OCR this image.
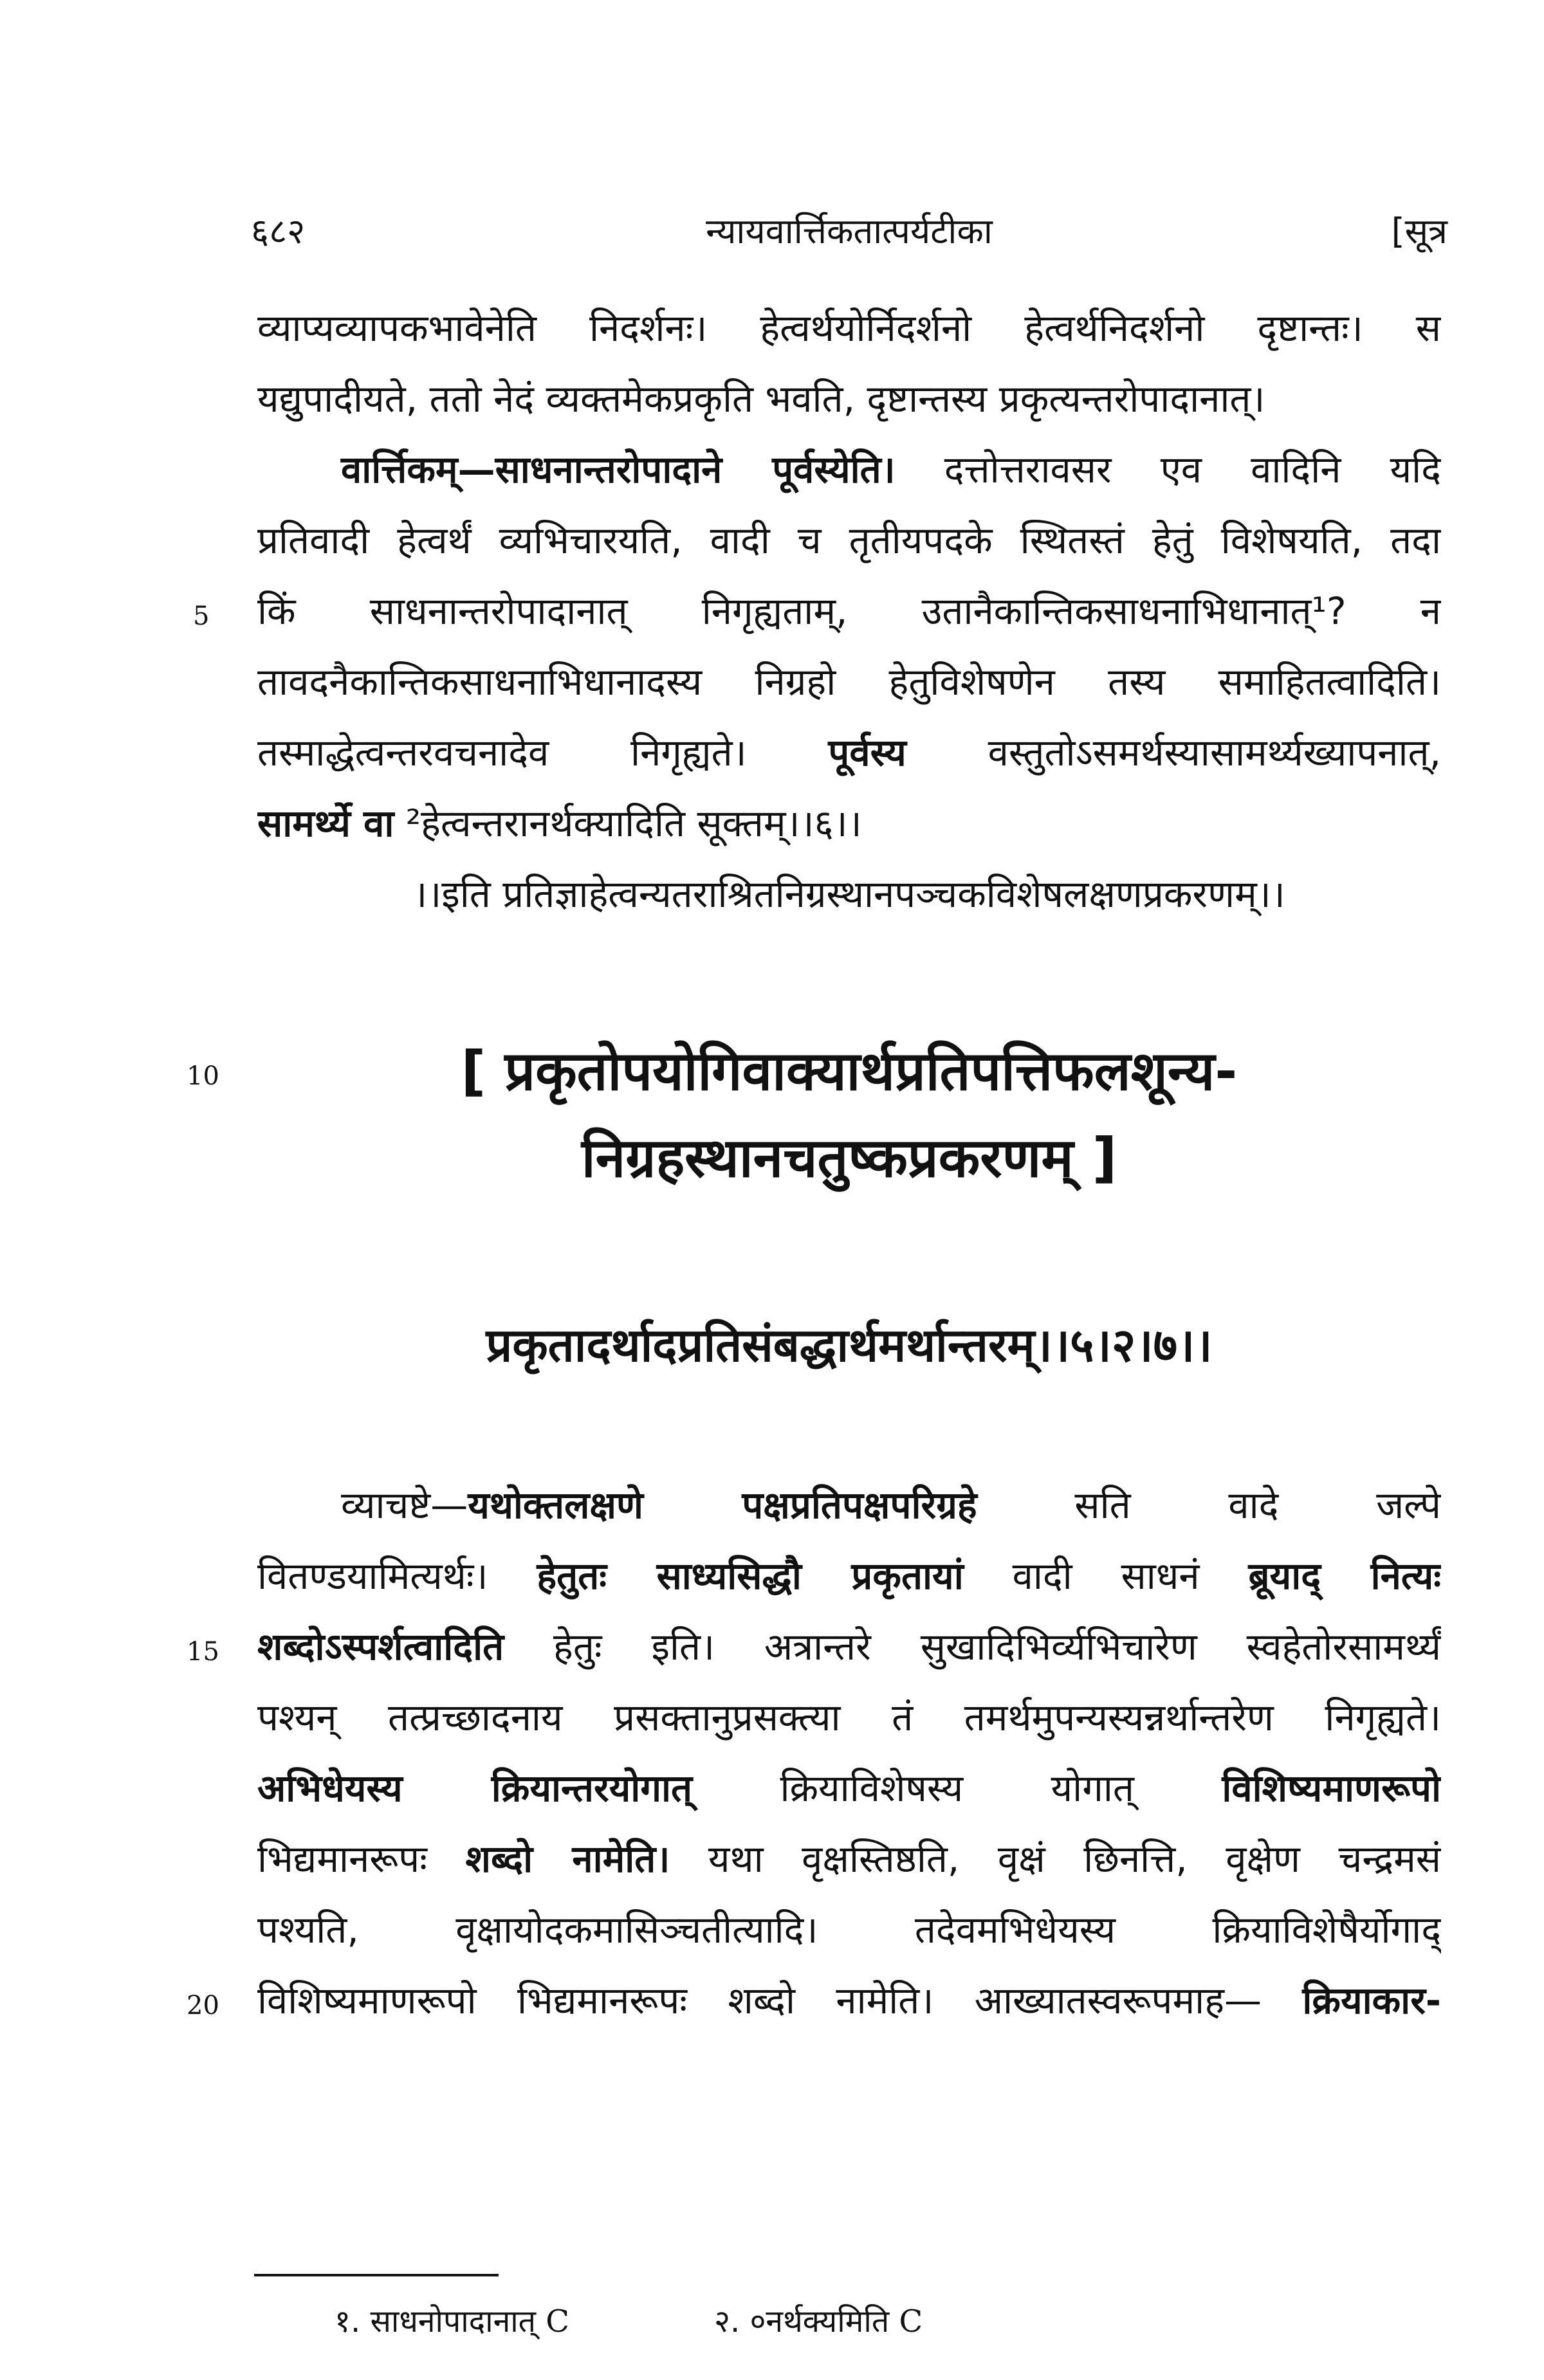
६८२	न्यायवार्त्तिकतात्पर्यटीका	[सूत्र
व्याप्यव्यापकभावेनेति निदर्शनः। हेत्वर्थयोर्निदर्शनो हेत्वर्थनिदर्शनो दृष्टान्तः। स
यद्युपादीयते, ततो नेदं व्यक्तमेकप्रकृति भवति, दृष्टान्तस्य प्रकृत्यन्तरोपादानात्।
वार्त्तिकम्—साधनान्तरोपादाने पूर्वस्येति। दत्तोत्तरावसर एव वादिनि यदि
प्रतिवादी हेत्वर्थं व्यभिचारयति, वादी च तृतीयपदके स्थितस्तं हेतुं विशेषयति, तदा
किं साधनान्तरोपादानात् निगृह्यताम्, उतानैकान्तिकसाधनाभिधानात्¹? न
तावदनैकान्तिकसाधनाभिधानादस्य निग्रहो हेतुविशेषणेन तस्य समाहितत्वादिति।
तस्माद्धेत्वन्तरवचनादेव निगृह्यते। पूर्वस्य वस्तुतोऽसमर्थस्यासामर्थ्यख्यापनात्,
सामर्थ्ये वा ²हेत्वन्तरानर्थक्यादिति सूक्तम्।।६।।
।।इति प्रतिज्ञाहेत्वन्यतराश्रितनिग्रस्थानपञ्चकविशेषलक्षणप्रकरणम्।।
5
10	[ प्रकृतोपयोगिवाक्यार्थप्रतिपत्तिफलशून्य-
निग्रहस्थानचतुष्कप्रकरणम् ]
प्रकृतादर्थादप्रतिसंबद्धार्थमर्थान्तरम्।।५।२।७।।
व्याचष्टे—यथोक्तलक्षणे पक्षप्रतिपक्षपरिग्रहे सति वादे जल्पे
वितण्डयामित्यर्थः। हेतुतः साध्यसिद्धौ प्रकृतायां वादी साधनं ब्रूयाद् नित्यः
शब्दोऽस्पर्शत्वादिति हेतुः इति। अत्रान्तरे सुखादिभिर्व्यभिचारेण स्वहेतोरसामर्थ्यं
पश्यन् तत्प्रच्छादनाय प्रसक्तानुप्रसक्त्या तं तमर्थमुपन्यस्यन्नर्थान्तरेण निगृह्यते।
अभिधेयस्य क्रियान्तरयोगात् क्रियाविशेषस्य योगात् विशिष्यमाणरूपो
भिद्यमानरूपः शब्दो नामेति। यथा वृक्षस्तिष्ठति, वृक्षं छिनत्ति, वृक्षेण चन्द्रमसं
पश्यति, वृक्षायोदकमासिञ्चतीत्यादि। तदेवमभिधेयस्य क्रियाविशेषैर्योगाद्
विशिष्यमाणरूपो भिद्यमानरूपः शब्दो नामेति। आख्यातस्वरूपमाह— क्रियाकार-
15
20
१. साधनोपादानात् C	२. ०नर्थक्यमिति C
